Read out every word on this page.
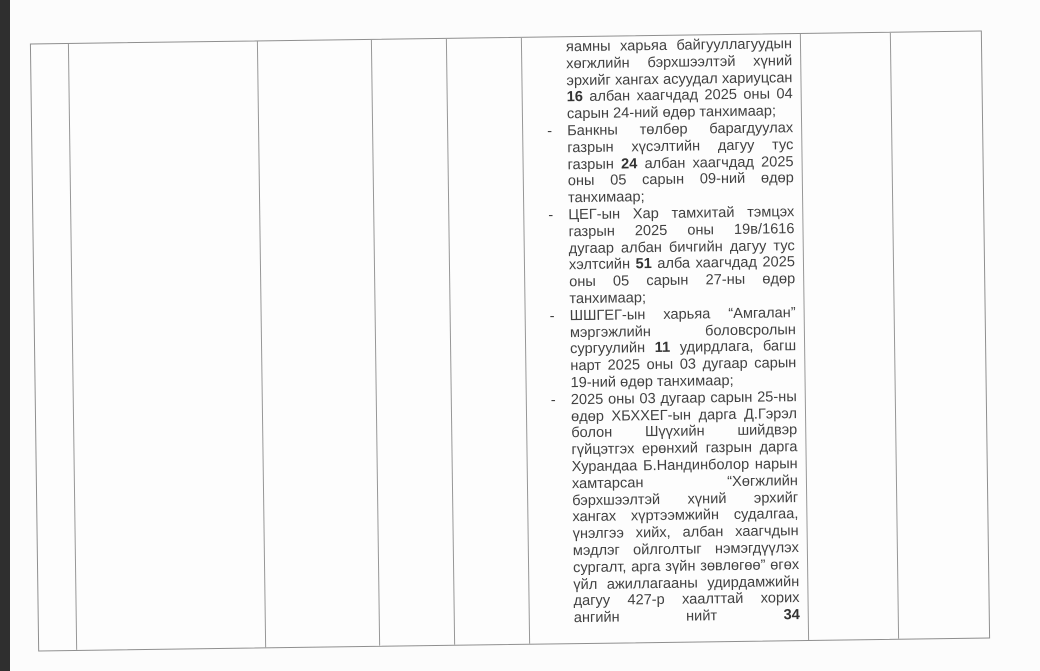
яамны харьяа байгууллагуудын хөгжлийн бэрхшээлтэй хүний эрхийг хангах асуудал хариуцсан 16 албан хаагчдад 2025 оны 04 сарын 24-ний өдөр танхимаар;
- Банкны төлбөр барагдуулах газрын хүсэлтийн дагуу тус газрын 24 албан хаагчдад 2025 оны 05 сарын 09-ний өдөр танхимаар;
- ЦЕГ-ын Хар тамхитай тэмцэх газрын 2025 оны 19в/1616 дугаар албан бичгийн дагуу тус хэлтсийн 51 алба хаагчдад 2025 оны 05 сарын 27-ны өдөр танхимаар;
- ШШГЕГ-ын харьяа “Амгалан” мэргэжлийн боловсролын сургуулийн 11 удирдлага, багш нарт 2025 оны 03 дугаар сарын 19-ний өдөр танхимаар;
- 2025 оны 03 дугаар сарын 25-ны өдөр ХБХХЕГ-ын дарга Д.Гэрэл болон Шүүхийн шийдвэр гүйцэтгэх ерөнхий газрын дарга Хурандаа Б.Нандинболор нарын хамтарсан “Хөгжлийн бэрхшээлтэй хүний эрхийг хангах хүртээмжийн судалгаа, үнэлгээ хийх, албан хаагчдын мэдлэг ойлголтыг нэмэгдүүлэх сургалт, арга зүйн зөвлөгөө” өгөх үйл ажиллагааны удирдамжийн дагуу 427-р хаалттай хорих ангийн нийт 34
